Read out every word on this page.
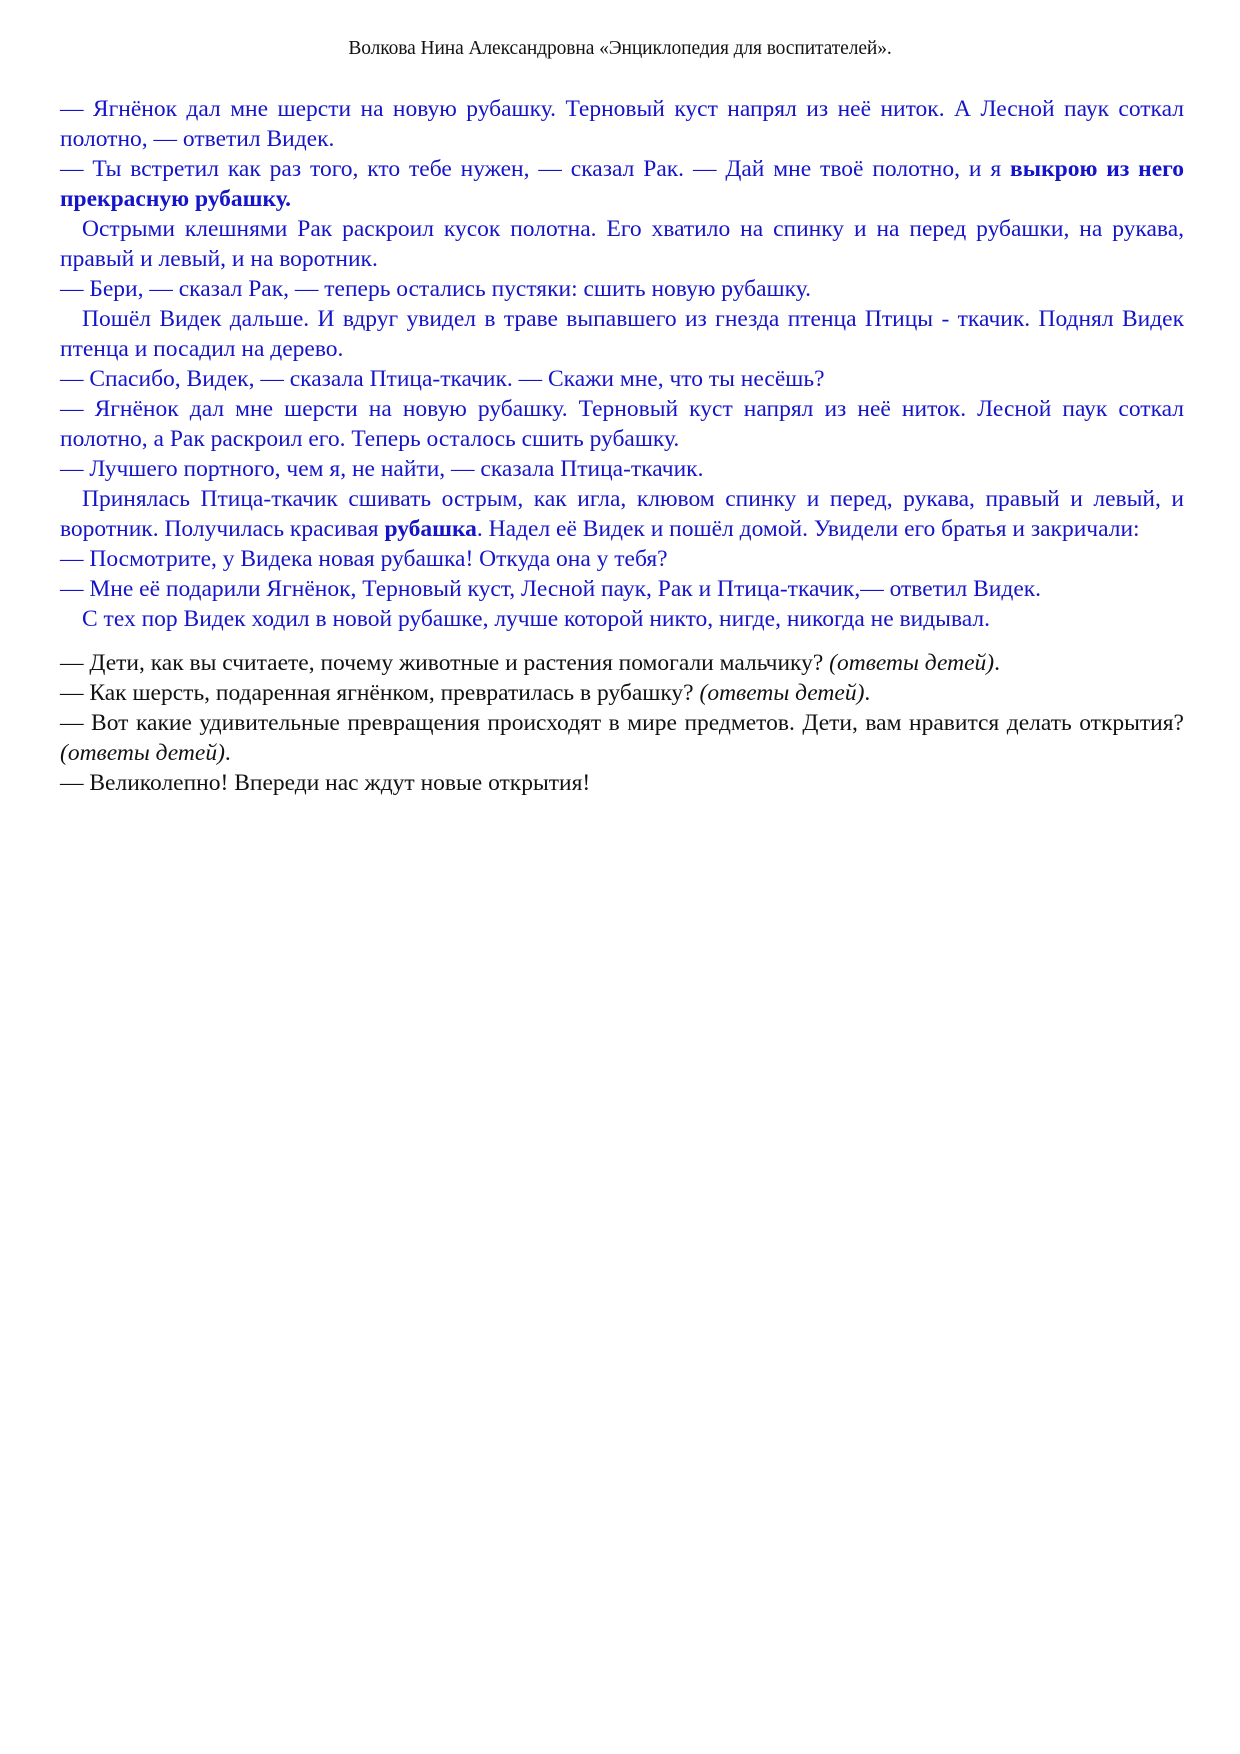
Волкова Нина Александровна «Энциклопедия для воспитателей».

— Ягнёнок дал мне шерсти на новую рубашку. Терновый куст напрял из неё ниток. А Лесной паук соткал полотно, — ответил Видек.

— Ты встретил как раз того, кто тебе нужен, — сказал Рак. — Дай мне твоё полотно, и я выкрою из него прекрасную рубашку.

Острыми клешнями Рак раскроил кусок полотна. Его хватило на спинку и на перед рубашки, на рукава, правый и левый, и на воротник.

— Бери, — сказал Рак, — теперь остались пустяки: сшить новую рубашку.

Пошёл Видек дальше. И вдруг увидел в траве выпавшего из гнезда птенца Птицы - ткачик. Поднял Видек птенца и посадил на дерево.

— Спасибо, Видек, — сказала Птица-ткачик. — Скажи мне, что ты несёшь?

— Ягнёнок дал мне шерсти на новую рубашку. Терновый куст напрял из неё ниток. Лесной паук соткал полотно, а Рак раскроил его. Теперь осталось сшить рубашку.

— Лучшего портного, чем я, не найти, — сказала Птица-ткачик.

Принялась Птица-ткачик сшивать острым, как игла, клювом спинку и перед, рукава, правый и левый, и воротник. Получилась красивая рубашка. Надел её Видек и пошёл домой. Увидели его братья и закричали:

— Посмотрите, у Видека новая рубашка! Откуда она у тебя?

— Мне её подарили Ягнёнок, Терновый куст, Лесной паук, Рак и Птица-ткачик,— ответил Видек.

С тех пор Видек ходил в новой рубашке, лучше которой никто, нигде, никогда не видывал.

— Дети, как вы считаете, почему животные и растения помогали мальчику? (ответы детей).

— Как шерсть, подаренная ягнёнком, превратилась в рубашку? (ответы детей).

— Вот какие удивительные превращения происходят в мире предметов. Дети, вам нравится делать открытия? (ответы детей).

— Великолепно! Впереди нас ждут новые открытия!
